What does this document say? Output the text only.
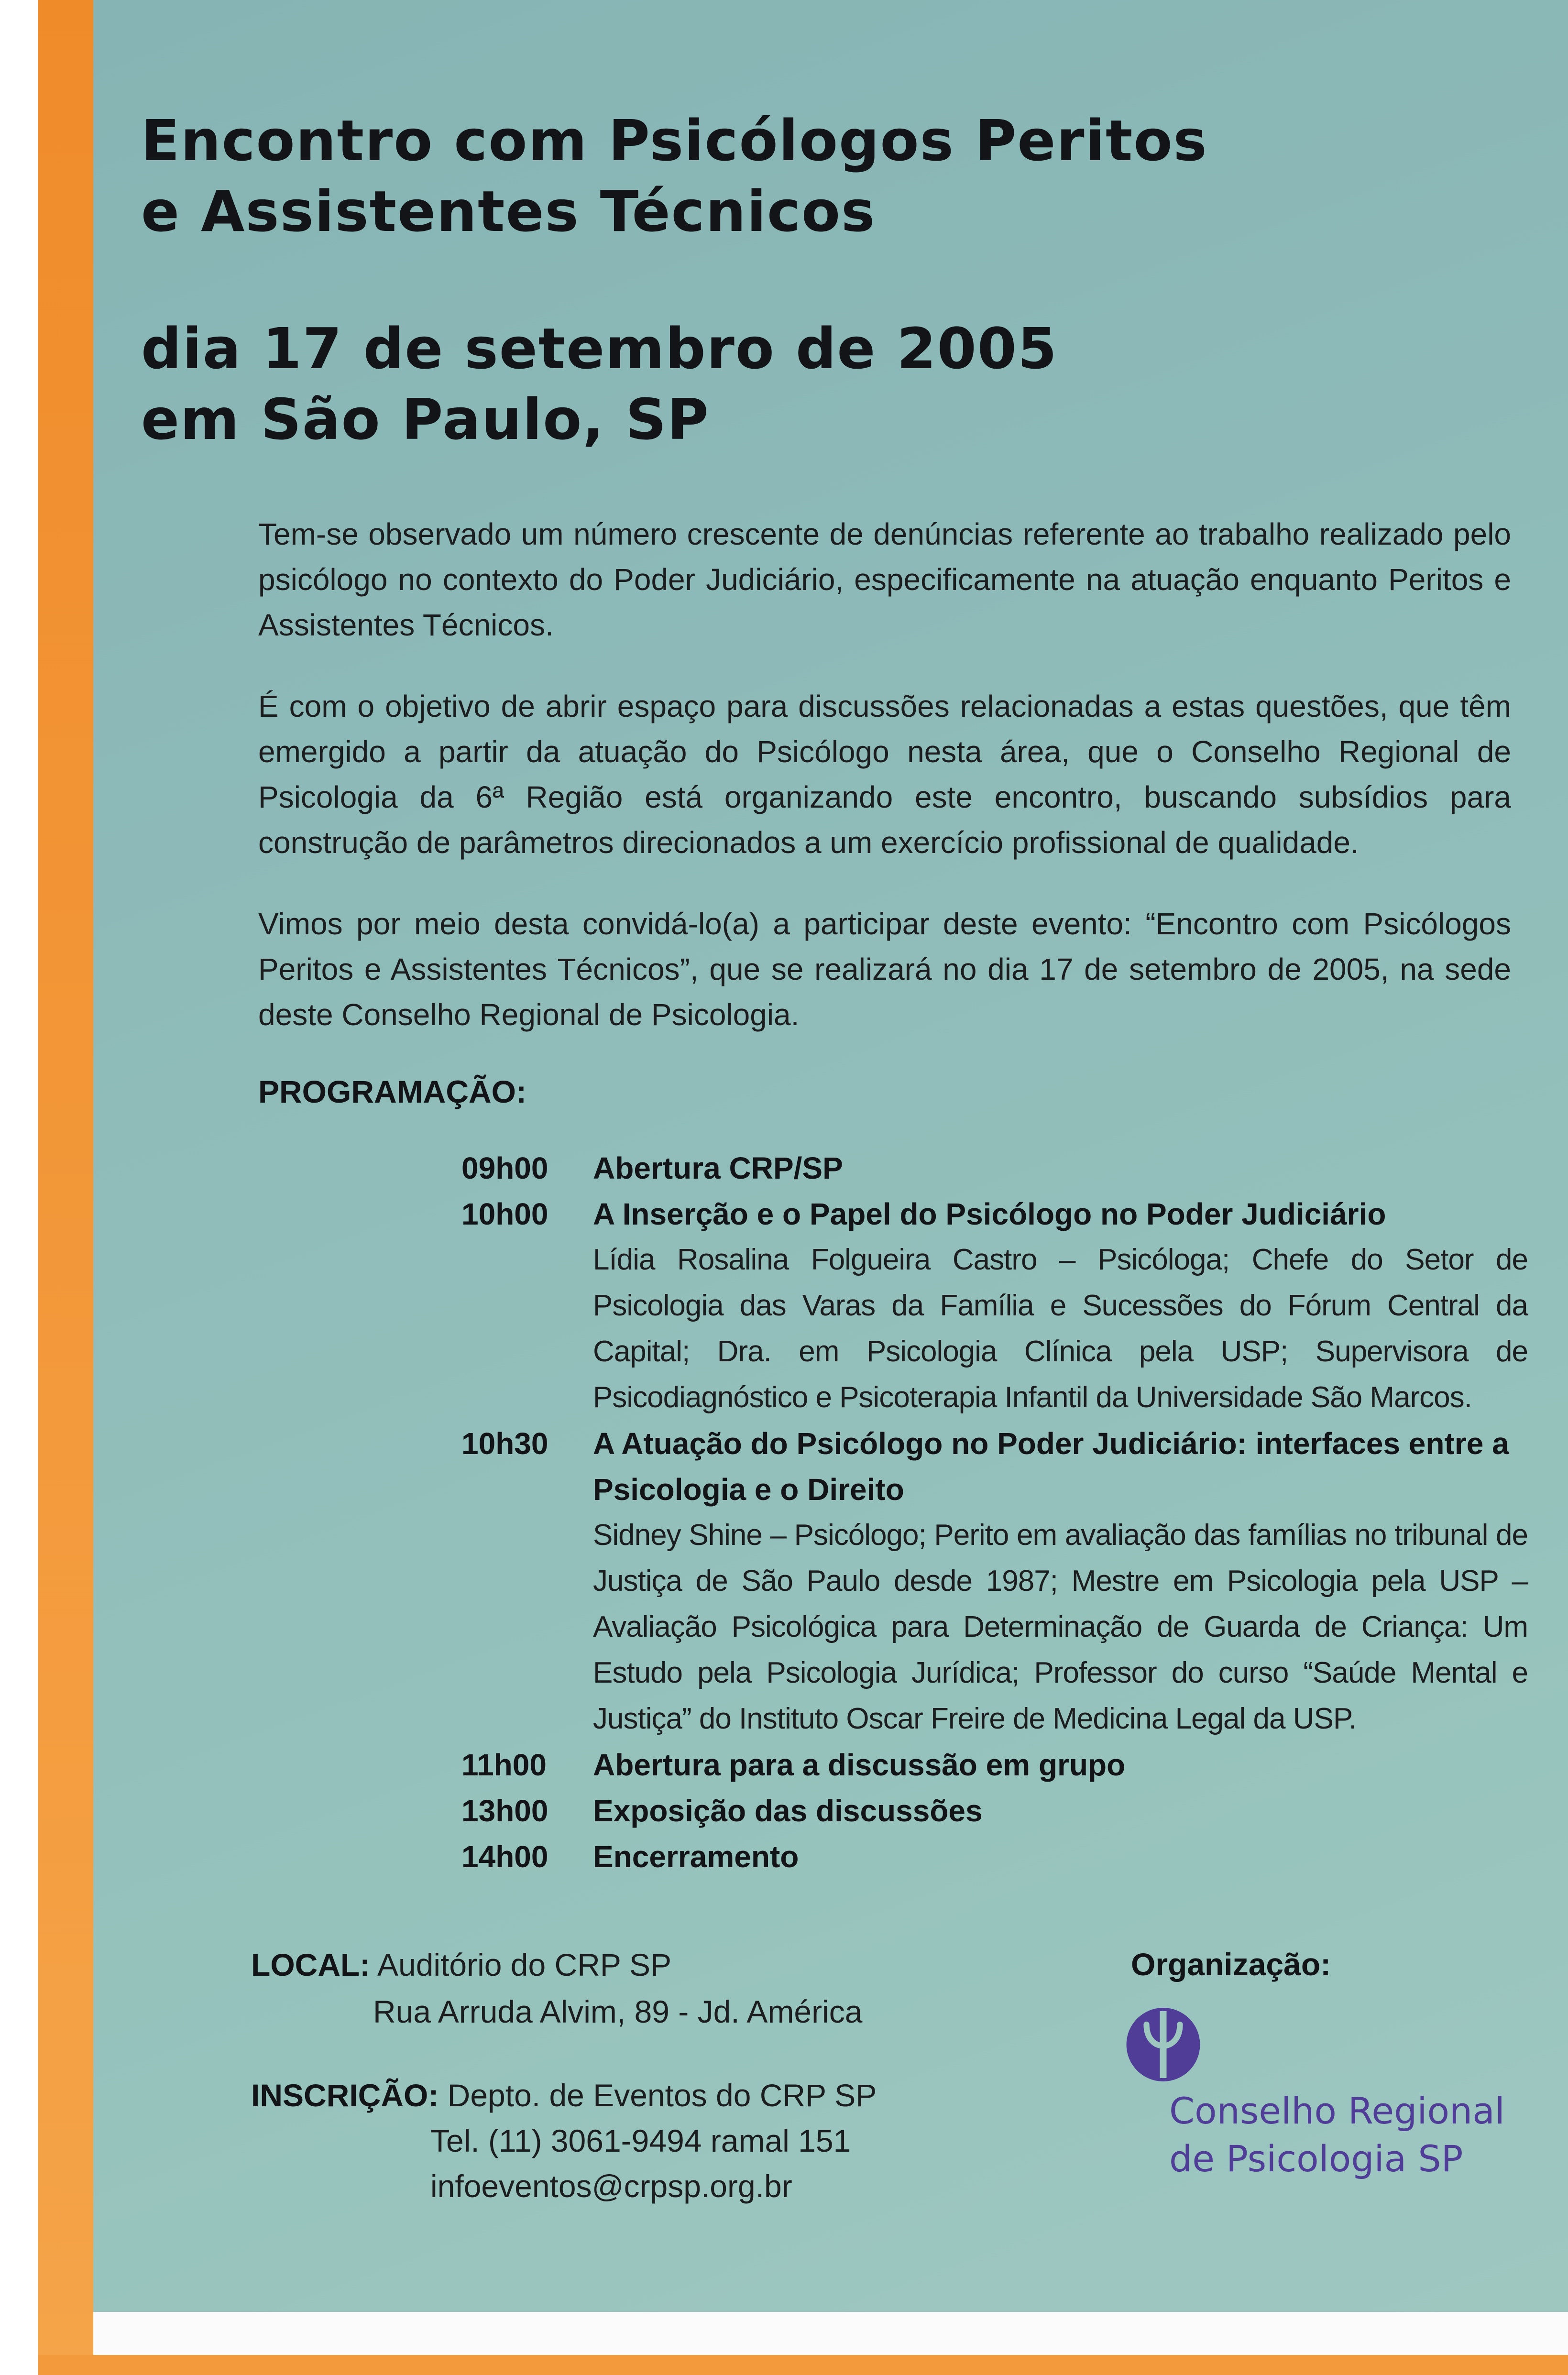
Encontro com Psicólogos Peritos
e Assistentes Técnicos
dia 17 de setembro de 2005
em São Paulo, SP

Tem-se observado um número crescente de denúncias referente ao trabalho realizado pelo psicólogo no contexto do Poder Judiciário, especificamente na atuação enquanto Peritos e Assistentes Técnicos.

É com o objetivo de abrir espaço para discussões relacionadas a estas questões, que têm emergido a partir da atuação do Psicólogo nesta área, que o Conselho Regional de Psicologia da 6ª Região está organizando este encontro, buscando subsídios para construção de parâmetros direcionados a um exercício profissional de qualidade.

Vimos por meio desta convidá-lo(a) a participar deste evento: “Encontro com Psicólogos Peritos e Assistentes Técnicos”, que se realizará no dia 17 de setembro de 2005, na sede deste Conselho Regional de Psicologia.

PROGRAMAÇÃO:

09h00	Abertura CRP/SP
10h00	A Inserção e o Papel do Psicólogo no Poder Judiciário
Lídia Rosalina Folgueira Castro – Psicóloga; Chefe do Setor de Psicologia das Varas da Família e Sucessões do Fórum Central da Capital; Dra. em Psicologia Clínica pela USP; Supervisora de Psicodiagnóstico e Psicoterapia Infantil da Universidade São Marcos.
10h30	A Atuação do Psicólogo no Poder Judiciário: interfaces entre a Psicologia e o Direito
Sidney Shine – Psicólogo; Perito em avaliação das famílias no tribunal de Justiça de São Paulo desde 1987; Mestre em Psicologia pela USP – Avaliação Psicológica para Determinação de Guarda de Criança: Um Estudo pela Psicologia Jurídica; Professor do curso “Saúde Mental e Justiça” do Instituto Oscar Freire de Medicina Legal da USP.
11h00	Abertura para a discussão em grupo
13h00	Exposição das discussões
14h00	Encerramento
LOCAL: Auditório do CRP SP
Rua Arruda Alvim, 89 - Jd. América
INSCRIÇÃO: Depto. de Eventos do CRP SP
Tel. (11) 3061-9494 ramal 151
infoeventos@crpsp.org.br

Organização:

Conselho Regional
de Psicologia SP
